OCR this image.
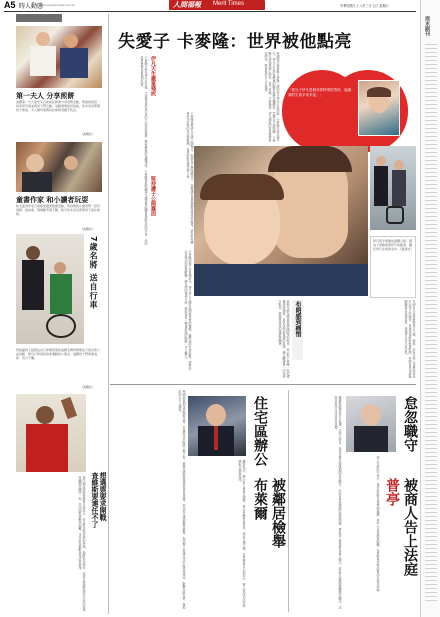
A5 時人動態
www.peoplemedia.com.tw	人間福報 Merit Times	中華民國九十八年三月七日 星期六
第一夫人 分享煎餅
美國第一夫人蜜雪兒日前前往教會分享煎餅活動，與當地居民一同享用早餐並與孩子們互動。活動現場氣氛熱絡，許多家庭帶著孩子參加，夫人親切地與每位參與者握手致意。
（美聯社）
童書作家 和小讀者玩耍
知名童書作家日前參加讀書推廣活動，與到場的小讀者們一起玩遊戲、說故事，現場歡笑聲不斷，吸引許多家長帶著孩子前往參與。
（美聯社）
7歲名將 送自行車
曾經贏得七屆環法自行車賽冠軍的美國名將阿姆斯壯日前出席公益活動，將自行車送給熱愛運動的小朋友，鼓勵孩子們勇敢追夢、努力不懈。
（美聯社）
想選票要求開戰
查維斯要連任不了
委內瑞拉總統查維斯日前表示，若反對派執意挑起爭端，他將堅持到底，並再次強調對國家未來的承諾，呼籲國民團結一致，共同面對挑戰與困難，支持政府推動各項改革措施。
失愛子 卡麥隆：世界被他點亮
「我兒子伊凡是個非常特別的男孩，他讓我的生命多采多姿。」
英國保守黨黨魁卡麥隆六歲的長子伊凡日前病逝，卡麥隆夫婦悲痛不已。伊凡天生患有嚴重的腦性麻痺及癲癇症，需要全天候照顧，卡麥隆夫婦始終細心照料，從不放棄。卡麥隆說，伊凡讓他的世界變得更加明亮，教會他許多人生道理。
伊凡天生嚴重殘疾
卡麥隆夫婦在伊凡出生後，才發現他患有罕見的大田原症候群，導致嚴重的身體殘疾。卡麥隆曾說照顧伊凡讓他更能體會身障家庭的辛苦，也因此更重視社會福利政策。
卡麥隆常帶伊凡出席公開場合，他認為不應隱藏孩子，而要讓社會更理解身障者的處境。這份堅持獲得許多民眾的肯定與敬佩，各界紛紛表達哀悼之意。
堅持護子公開露面
伊凡與卡麥隆的溫馨合照。圖為卡麥隆抱著伊凡的影像，攝於伊凡生前的家中。（路透社）
卡麥隆的妻子莎曼珊表示，伊凡是上天賜給他們最珍貴的禮物，雖然他的生命短暫，卻帶給全家無比的愛與歡樂。親友們回憶伊凡時，總說他有一雙會說話的眼睛，令人難忘。	首相布朗在國會質詢時間特別致意，表示對卡麥隆一家的遭遇深感痛惜，並宣布取消當週的質詢，讓全體議員一同為伊凡默哀，展現跨黨派的溫情與關懷。	布朗感到痛惜	布朗自己也曾經歷喪女之痛，他說，沒有任何父母應該承受失去孩子的痛苦。各黨領袖紛紛致電慰問，英國各界也透過網路留言表達哀思，祝福伊凡在天堂安息。
英國前首相布萊爾卸任後，在倫敦住宅區設立辦公室，處理其國際事務與基金會業務。然而近日遭到鄰居檢舉，指其辦公室違反住宅區使用規定，影響社區安寧，當地政府已介入調查。	住宅區辦公
布萊爾 被鄰居檢舉
鄰居指出，辦公室人員進出頻繁，保全車輛經常停放，造成交通不便。布萊爾發言人則表示，辦公室均依法申請，將配合調查說明。	俄羅斯總理普亭日前遭一名商人控告，指其在擔任總統期間怠忽職守，未能有效處理國家經濟問題，導致商人事業蒙受重大損失。此案引起俄國媒體廣泛關注，法院目前尚未決定是否受理。	怠忽職守
普亭 被商人告上法庭
商人在訴狀中表示，普亭政府對企業管制過嚴，使中小企業經營困難。克里姆林宮對此事尚未發表評論。
周末副刊
